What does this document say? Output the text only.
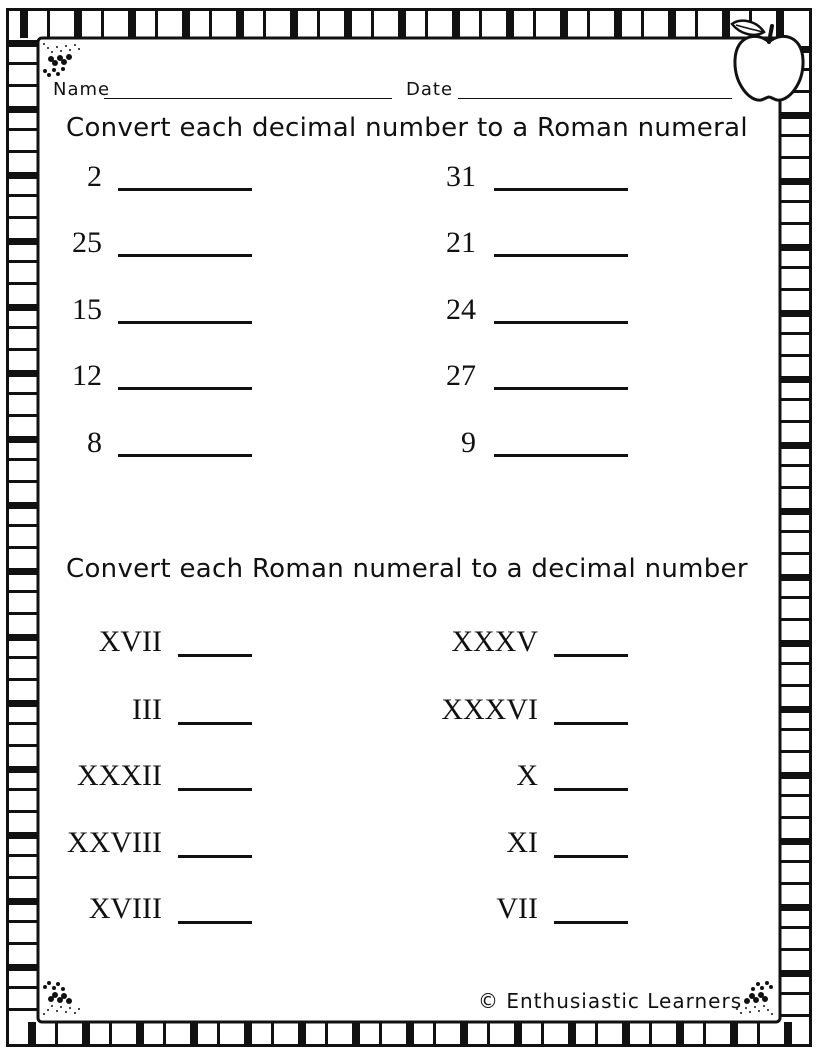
Name	Date
Convert each decimal number to a Roman numeral
2
25
15
12
8
31
21
24
27
9
Convert each Roman numeral to a decimal number
XVII
III
XXXII
XXVIII
XVIII
XXXV
XXXVI
X
XI
VII
© Enthusiastic Learners
